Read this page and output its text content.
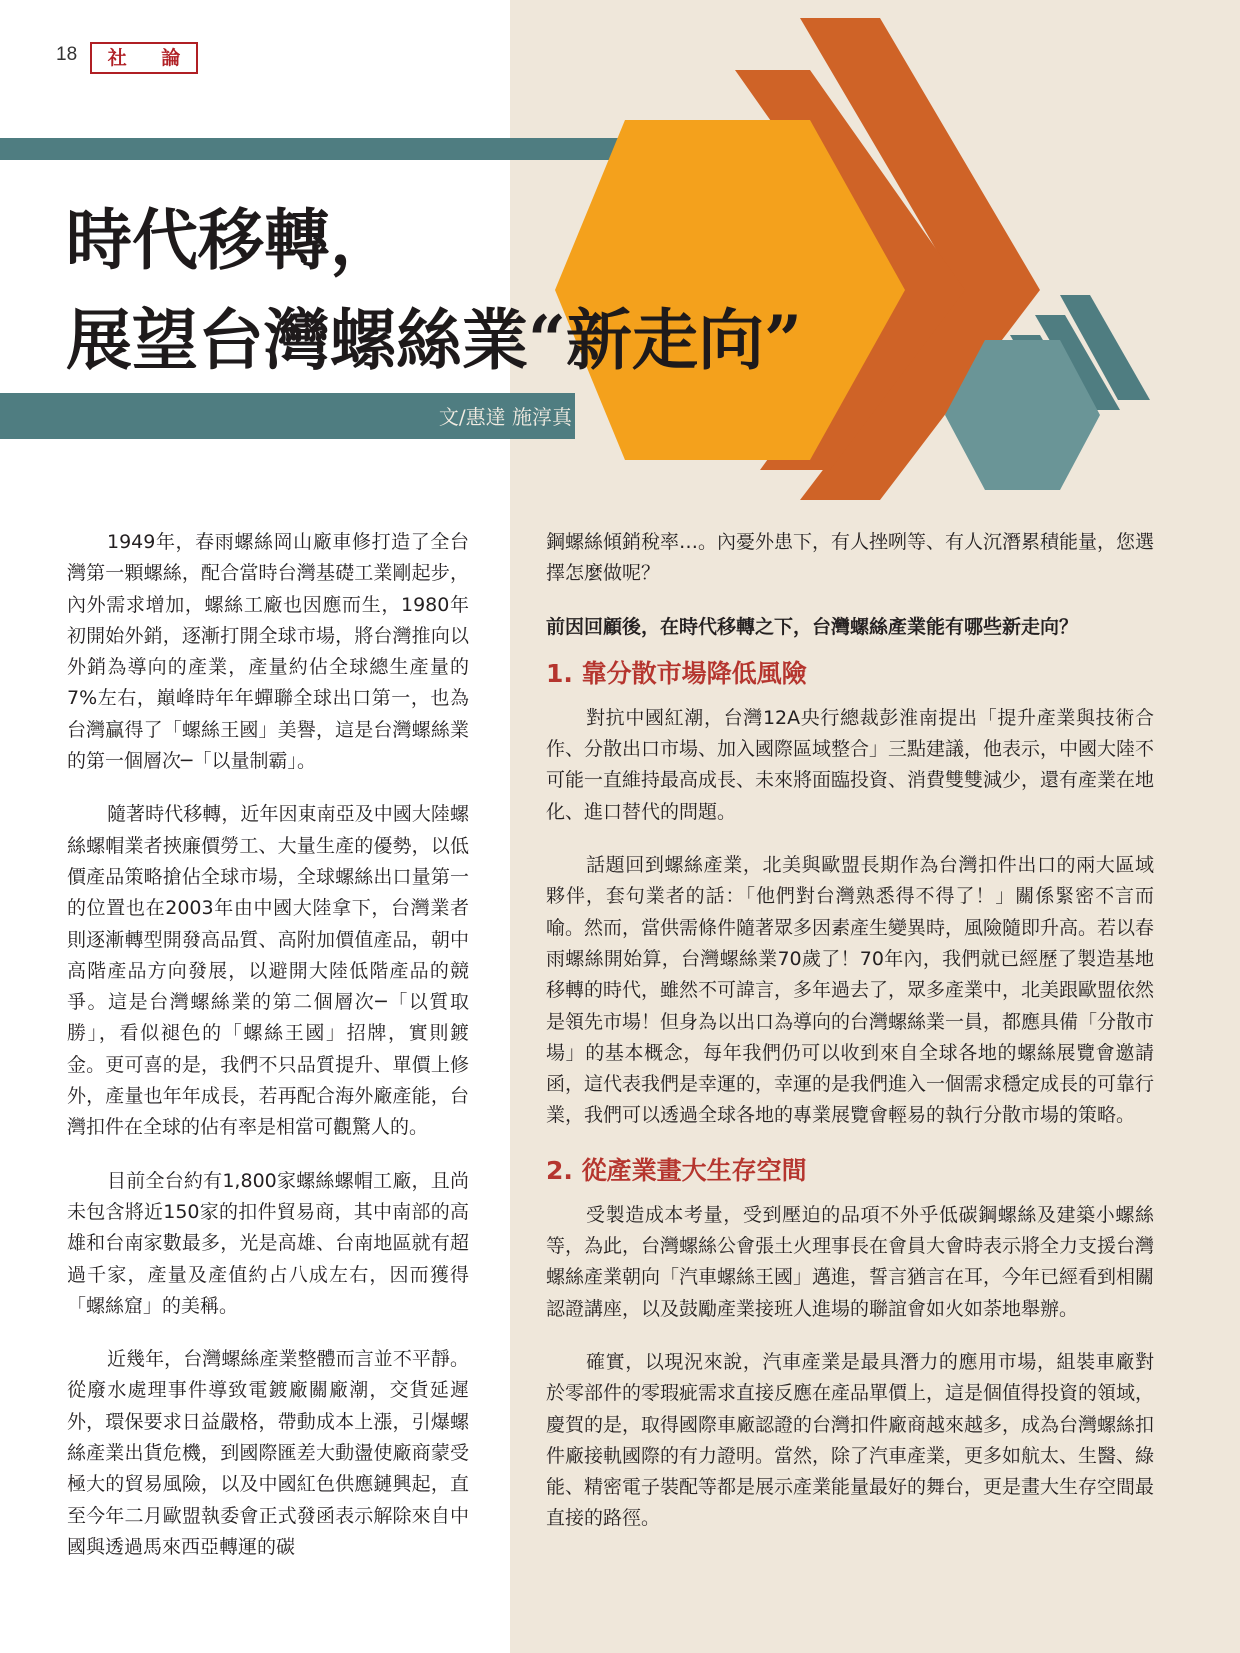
18	社 論
時代移轉，
展望台灣螺絲業“新走向”
文/惠達 施淳真

1949年，春雨螺絲岡山廠車修打造了全台灣第一顆螺絲，配合當時台灣基礎工業剛起步，內外需求增加，螺絲工廠也因應而生，1980年初開始外銷，逐漸打開全球市場，將台灣推向以外銷為導向的產業，產量約佔全球總生產量的7%左右，巔峰時年年蟬聯全球出口第一，也為台灣贏得了「螺絲王國」美譽，這是台灣螺絲業的第一個層次─「以量制霸」。

隨著時代移轉，近年因東南亞及中國大陸螺絲螺帽業者挾廉價勞工、大量生產的優勢，以低價產品策略搶佔全球市場，全球螺絲出口量第一的位置也在2003年由中國大陸拿下，台灣業者則逐漸轉型開發高品質、高附加價值產品，朝中高階產品方向發展，以避開大陸低階產品的競爭。這是台灣螺絲業的第二個層次─「以質取勝」，看似褪色的「螺絲王國」招牌，實則鍍金。更可喜的是，我們不只品質提升、單價上修外，產量也年年成長，若再配合海外廠產能，台灣扣件在全球的佔有率是相當可觀驚人的。

目前全台約有1,800家螺絲螺帽工廠，且尚未包含將近150家的扣件貿易商，其中南部的高雄和台南家數最多，光是高雄、台南地區就有超過千家，產量及產值約占八成左右，因而獲得「螺絲窟」的美稱。

近幾年，台灣螺絲產業整體而言並不平靜。從廢水處理事件導致電鍍廠關廠潮，交貨延遲外，環保要求日益嚴格，帶動成本上漲，引爆螺絲產業出貨危機，到國際匯差大動盪使廠商蒙受極大的貿易風險，以及中國紅色供應鏈興起，直至今年二月歐盟執委會正式發函表示解除來自中國與透過馬來西亞轉運的碳

鋼螺絲傾銷稅率…。內憂外患下，有人挫咧等、有人沉潛累積能量，您選擇怎麼做呢？

前因回顧後，在時代移轉之下，台灣螺絲產業能有哪些新走向？

1. 靠分散市場降低風險

對抗中國紅潮，台灣12A央行總裁彭淮南提出「提升產業與技術合作、分散出口市場、加入國際區域整合」三點建議，他表示，中國大陸不可能一直維持最高成長、未來將面臨投資、消費雙雙減少，還有產業在地化、進口替代的問題。

話題回到螺絲產業，北美與歐盟長期作為台灣扣件出口的兩大區域夥伴，套句業者的話：「他們對台灣熟悉得不得了！」關係緊密不言而喻。然而，當供需條件隨著眾多因素產生變異時，風險隨即升高。若以春雨螺絲開始算，台灣螺絲業70歲了！70年內，我們就已經歷了製造基地移轉的時代，雖然不可諱言，多年過去了，眾多產業中，北美跟歐盟依然是領先市場！但身為以出口為導向的台灣螺絲業一員，都應具備「分散市場」的基本概念，每年我們仍可以收到來自全球各地的螺絲展覽會邀請函，這代表我們是幸運的，幸運的是我們進入一個需求穩定成長的可靠行業，我們可以透過全球各地的專業展覽會輕易的執行分散市場的策略。

2. 從產業畫大生存空間

受製造成本考量，受到壓迫的品項不外乎低碳鋼螺絲及建築小螺絲等，為此，台灣螺絲公會張土火理事長在會員大會時表示將全力支援台灣螺絲產業朝向「汽車螺絲王國」邁進，誓言猶言在耳，今年已經看到相關認證講座，以及鼓勵產業接班人進場的聯誼會如火如荼地舉辦。

確實，以現況來說，汽車產業是最具潛力的應用市場，組裝車廠對於零部件的零瑕疵需求直接反應在產品單價上，這是個值得投資的領域，慶賀的是，取得國際車廠認證的台灣扣件廠商越來越多，成為台灣螺絲扣件廠接軌國際的有力證明。當然，除了汽車產業，更多如航太、生醫、綠能、精密電子裝配等都是展示產業能量最好的舞台，更是畫大生存空間最直接的路徑。
